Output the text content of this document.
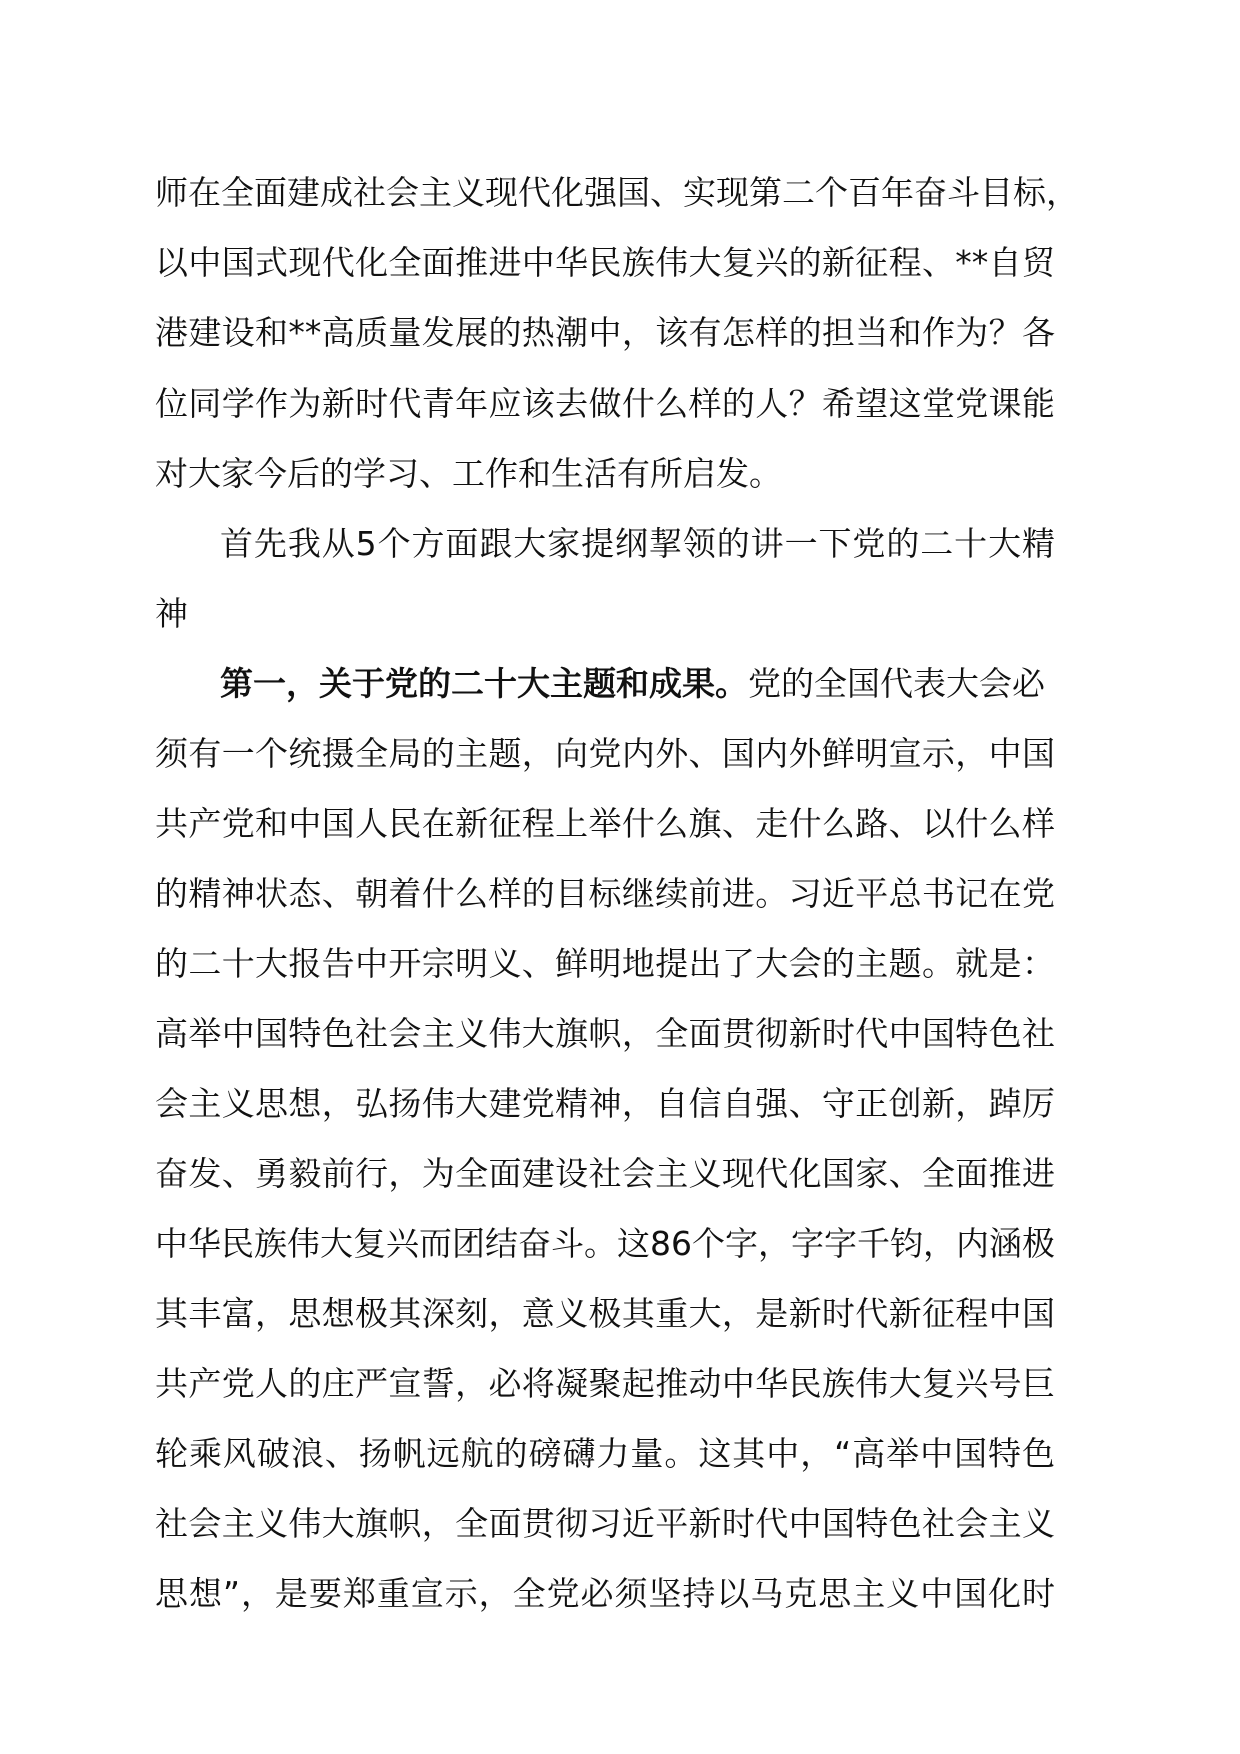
师在全面建成社会主义现代化强国、实现第二个百年奋斗目标，
以中国式现代化全面推进中华民族伟大复兴的新征程、**自贸
港建设和**高质量发展的热潮中，该有怎样的担当和作为？各
位同学作为新时代青年应该去做什么样的人？希望这堂党课能
对大家今后的学习、工作和生活有所启发。
首先我从5个方面跟大家提纲挈领的讲一下党的二十大精
神
第一，关于党的二十大主题和成果。党的全国代表大会必
须有一个统摄全局的主题，向党内外、国内外鲜明宣示，中国
共产党和中国人民在新征程上举什么旗、走什么路、以什么样
的精神状态、朝着什么样的目标继续前进。习近平总书记在党
的二十大报告中开宗明义、鲜明地提出了大会的主题。就是：
高举中国特色社会主义伟大旗帜，全面贯彻新时代中国特色社
会主义思想，弘扬伟大建党精神，自信自强、守正创新，踔厉
奋发、勇毅前行，为全面建设社会主义现代化国家、全面推进
中华民族伟大复兴而团结奋斗。这86个字，字字千钧，内涵极
其丰富，思想极其深刻，意义极其重大，是新时代新征程中国
共产党人的庄严宣誓，必将凝聚起推动中华民族伟大复兴号巨
轮乘风破浪、扬帆远航的磅礴力量。这其中，“高举中国特色
社会主义伟大旗帜，全面贯彻习近平新时代中国特色社会主义
思想”，是要郑重宣示，全党必须坚持以马克思主义中国化时
